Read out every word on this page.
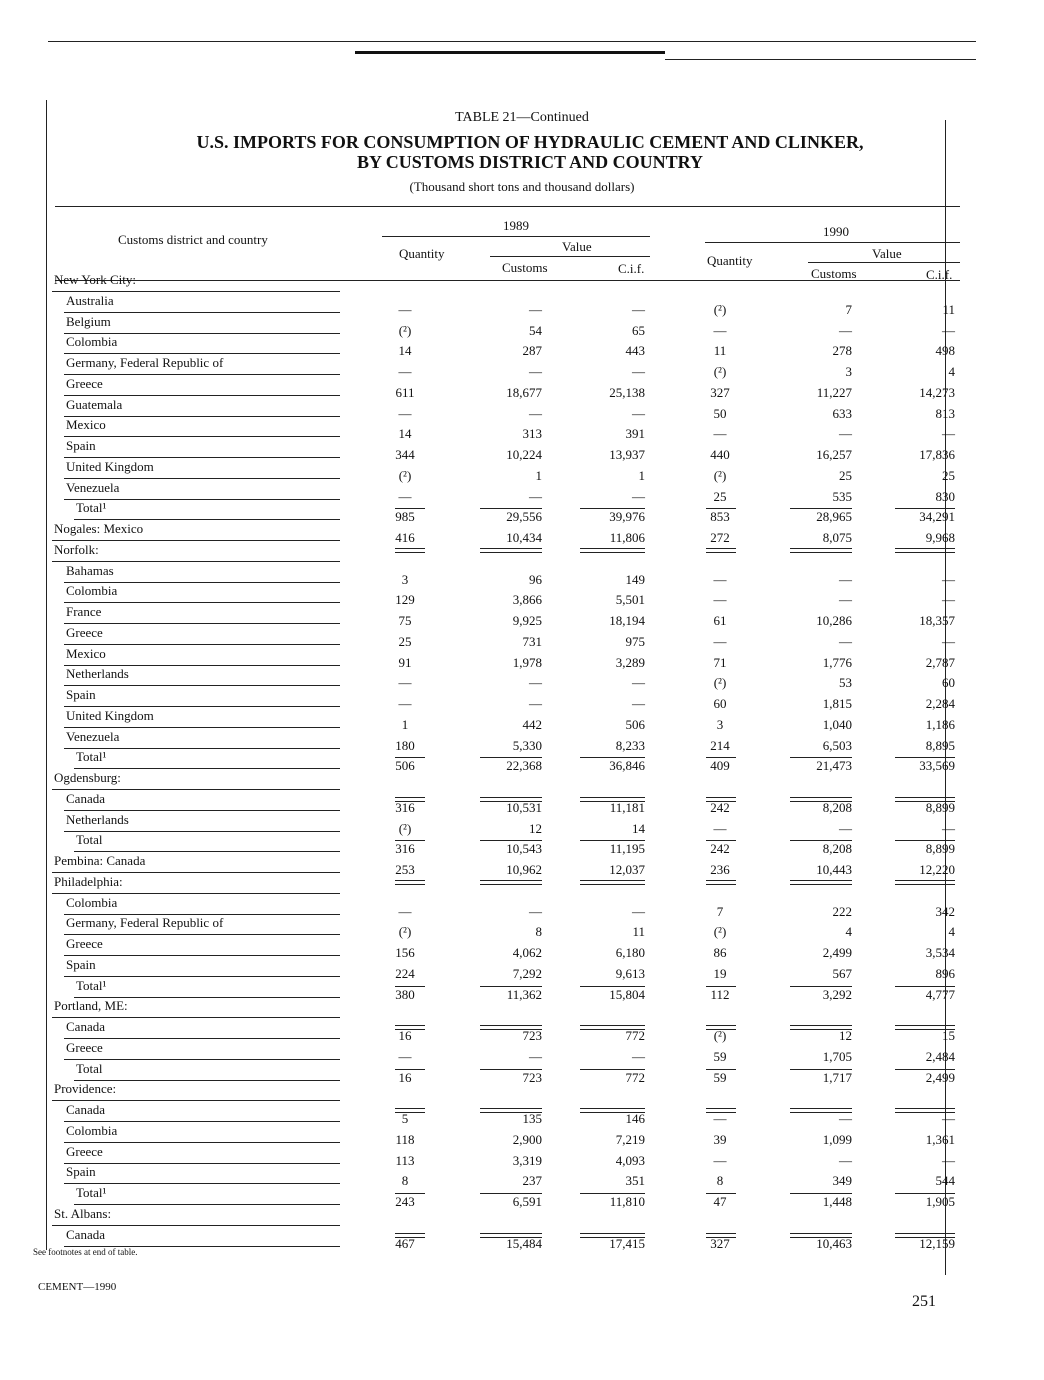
TABLE 21—Continued
U.S. IMPORTS FOR CONSUMPTION OF HYDRAULIC CEMENT AND CLINKER,
BY CUSTOMS DISTRICT AND COUNTRY
(Thousand short tons and thousand dollars)
Customs district and country
1989	1990
Quantity	Value
Customs	C.i.f.
Quantity	Value
Customs	C.i.f.
New York City:
Australia
—	—	—	(²)	7	11
Belgium
(²)	54	65	—	—	—
Colombia
14	287	443	11	278	498
Germany, Federal Republic of
—	—	—	(²)	3	4
Greece
611	18,677	25,138	327	11,227	14,273
Guatemala
—	—	—	50	633	813
Mexico
14	313	391	—	—	—
Spain
344	10,224	13,937	440	16,257	17,836
United Kingdom
(²)	1	1	(²)	25	25
Venezuela
—	—	—	25	535	830
Total¹
985	29,556	39,976	853	28,965	34,291
Nogales: Mexico
416	10,434	11,806	272	8,075	9,968
Norfolk:
Bahamas
3	96	149	—	—	—
Colombia
129	3,866	5,501	—	—	—
France
75	9,925	18,194	61	10,286	18,357
Greece
25	731	975	—	—	—
Mexico
91	1,978	3,289	71	1,776	2,787
Netherlands
—	—	—	(²)	53	60
Spain
—	—	—	60	1,815	2,284
United Kingdom
1	442	506	3	1,040	1,186
Venezuela
180	5,330	8,233	214	6,503	8,895
Total¹
506	22,368	36,846	409	21,473	33,569
Ogdensburg:
Canada
316	10,531	11,181	242	8,208	8,899
Netherlands
(²)	12	14	—	—	—
Total
316	10,543	11,195	242	8,208	8,899
Pembina: Canada
253	10,962	12,037	236	10,443	12,220
Philadelphia:
Colombia
—	—	—	7	222	342
Germany, Federal Republic of
(²)	8	11	(²)	4	4
Greece
156	4,062	6,180	86	2,499	3,534
Spain
224	7,292	9,613	19	567	896
Total¹
380	11,362	15,804	112	3,292	4,777
Portland, ME:
Canada
16	723	772	(²)	12	15
Greece
—	—	—	59	1,705	2,484
Total
16	723	772	59	1,717	2,499
Providence:
Canada
5	135	146	—	—	—
Colombia
118	2,900	7,219	39	1,099	1,361
Greece
113	3,319	4,093	—	—	—
Spain
8	237	351	8	349	544
Total¹
243	6,591	11,810	47	1,448	1,905
St. Albans:
Canada
467	15,484	17,415	327	10,463	12,159
See footnotes at end of table.
CEMENT—1990
251
